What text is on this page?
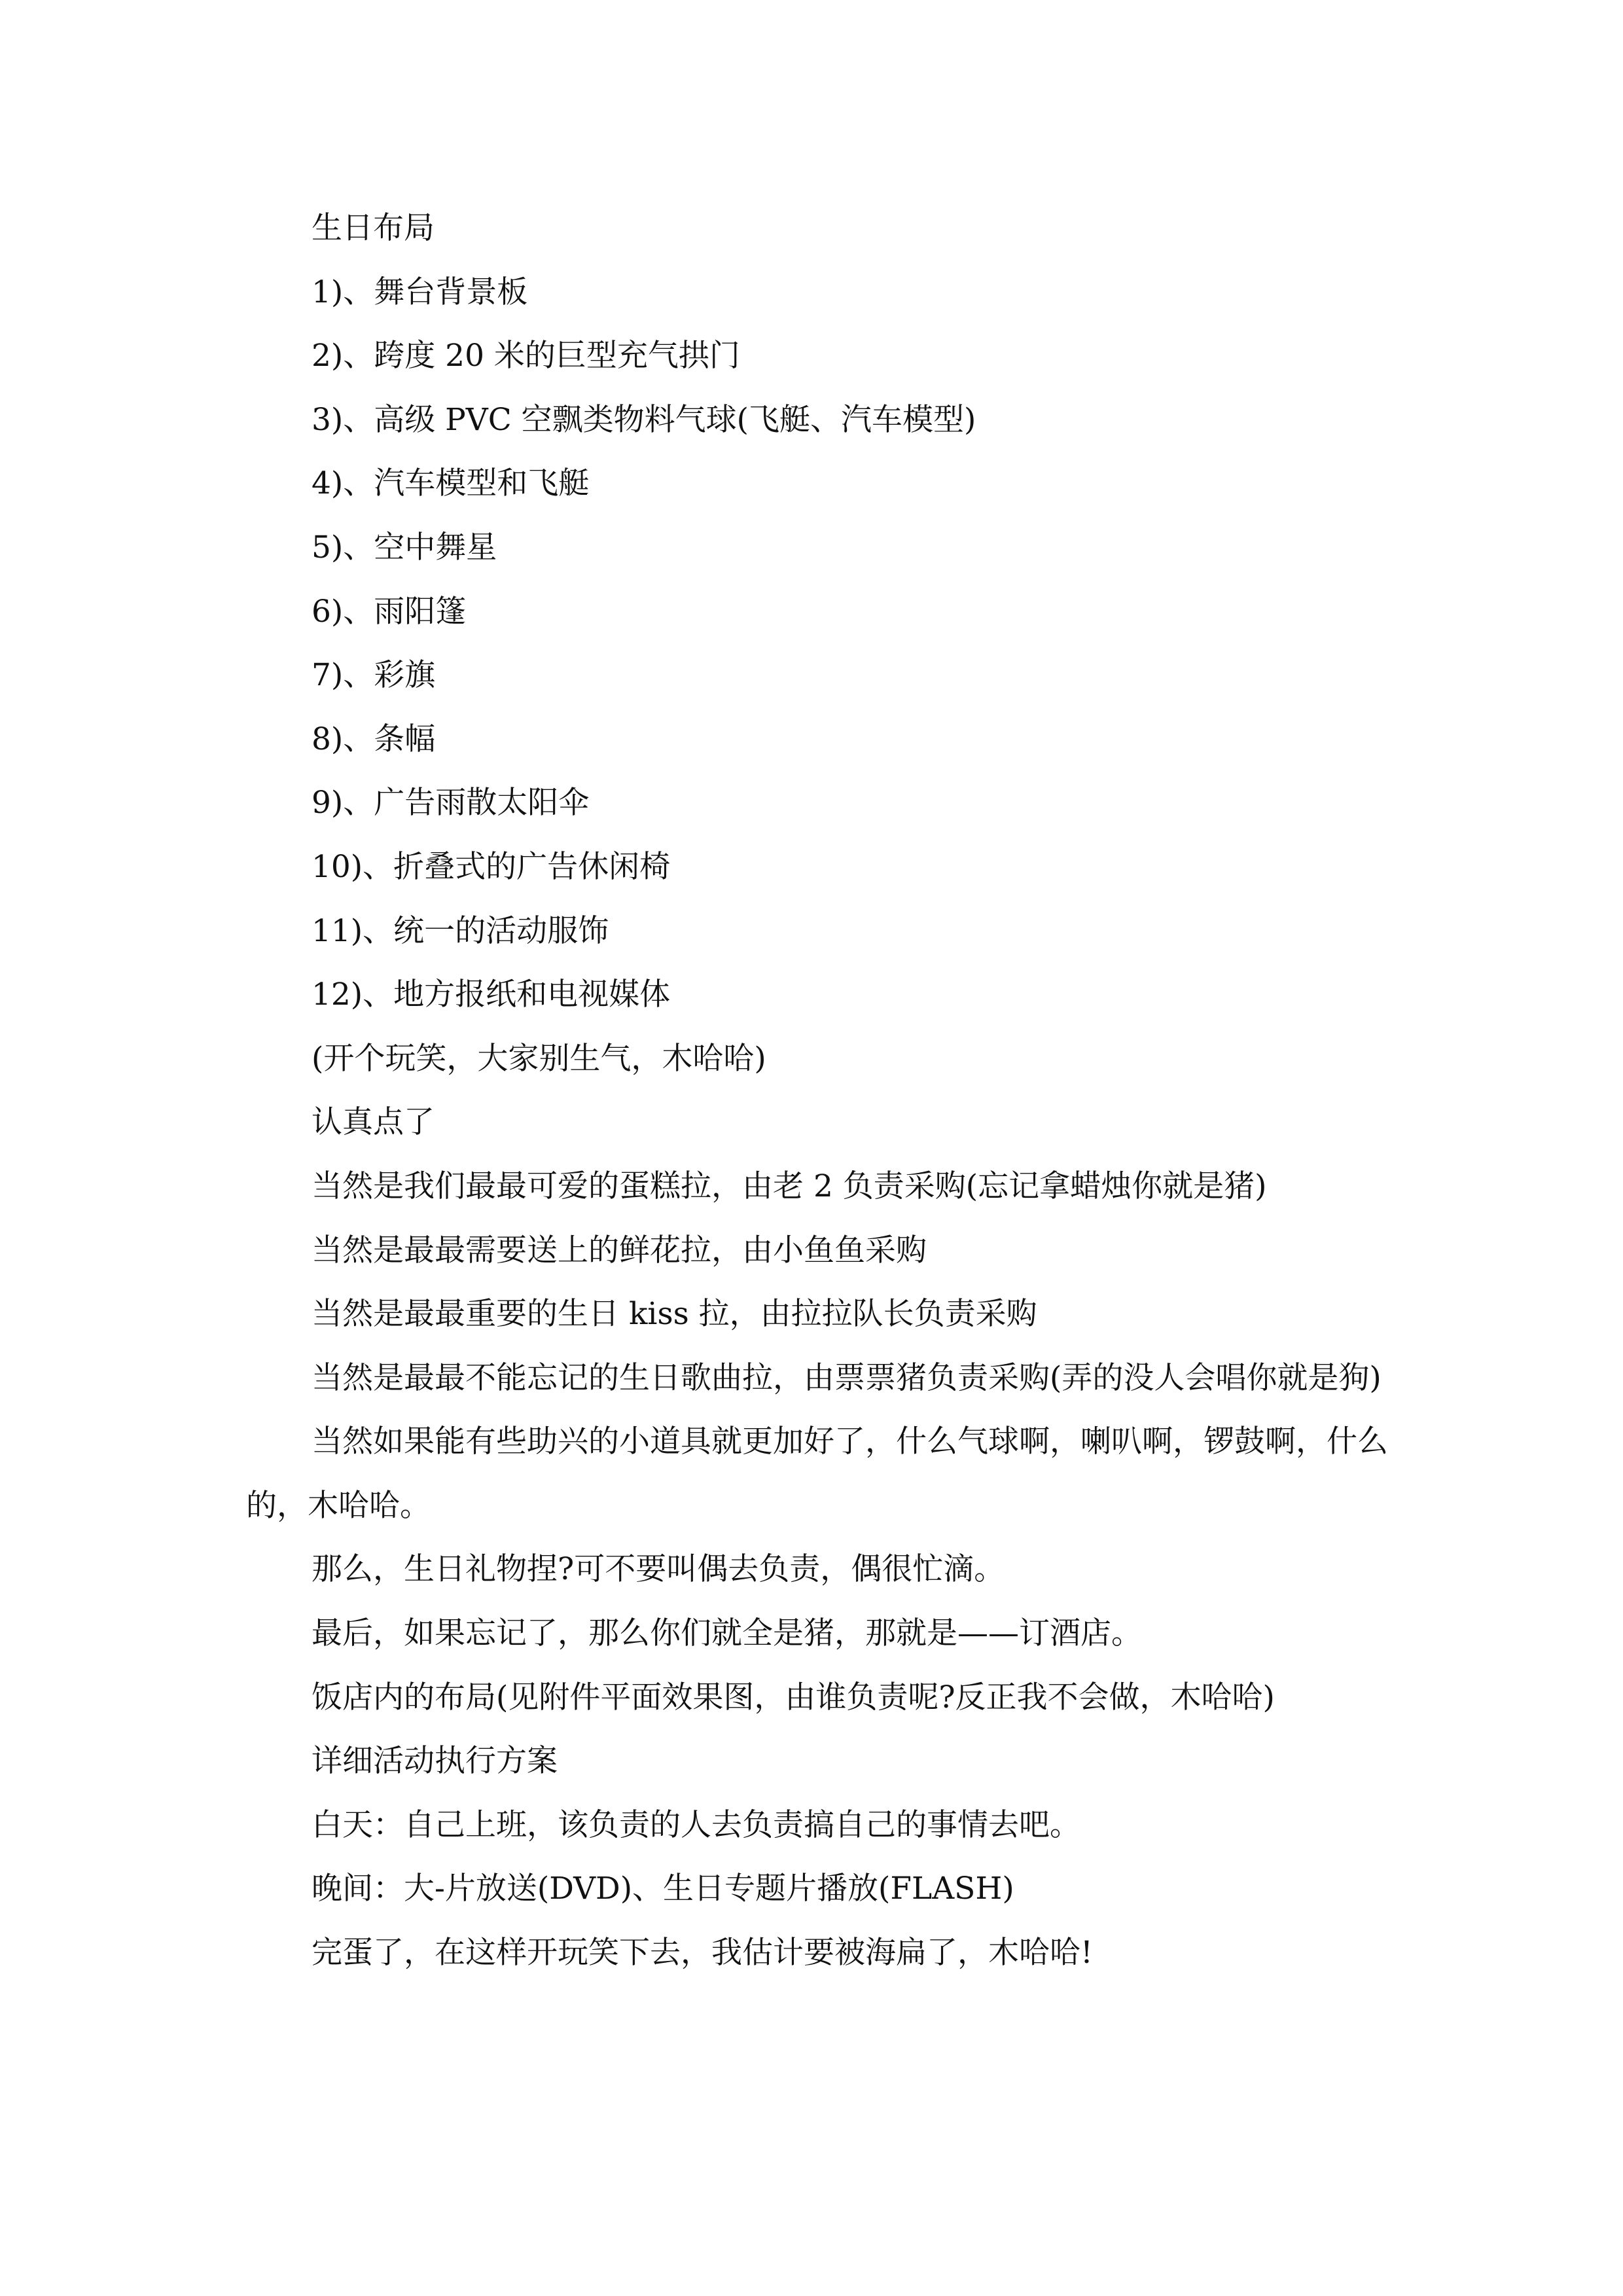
生日布局

1)、舞台背景板

2)、跨度 20 米的巨型充气拱门

3)、高级 PVC 空飘类物料气球(飞艇、汽车模型)

4)、汽车模型和飞艇

5)、空中舞星

6)、雨阳篷

7)、彩旗

8)、条幅

9)、广告雨散太阳伞

10)、折叠式的广告休闲椅

11)、统一的活动服饰

12)、地方报纸和电视媒体

(开个玩笑，大家别生气，木哈哈)

认真点了

当然是我们最最可爱的蛋糕拉，由老 2 负责采购(忘记拿蜡烛你就是猪)

当然是最最需要送上的鲜花拉，由小鱼鱼采购

当然是最最重要的生日 kiss 拉，由拉拉队长负责采购

当然是最最不能忘记的生日歌曲拉，由票票猪负责采购(弄的没人会唱你就是狗)

当然如果能有些助兴的小道具就更加好了，什么气球啊，喇叭啊，锣鼓啊，什么的，木哈哈。

那么，生日礼物捏?可不要叫偶去负责，偶很忙滴。

最后，如果忘记了，那么你们就全是猪，那就是——订酒店。

饭店内的布局(见附件平面效果图，由谁负责呢?反正我不会做，木哈哈)

详细活动执行方案

白天：自己上班，该负责的人去负责搞自己的事情去吧。

晚间：大-片放送(DVD)、生日专题片播放(FLASH)

完蛋了，在这样开玩笑下去，我估计要被海扁了，木哈哈!
